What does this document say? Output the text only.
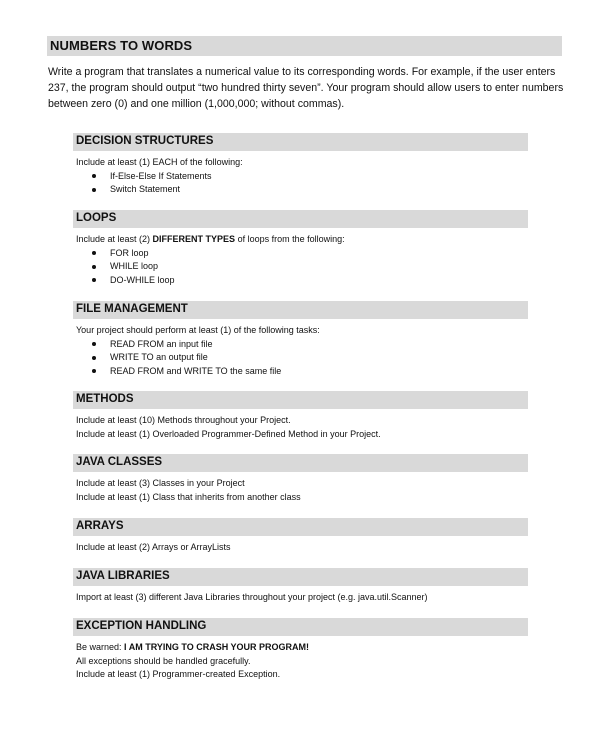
NUMBERS TO WORDS
Write a program that translates a numerical value to its corresponding words. For example, if the user enters 237, the program should output “two hundred thirty seven”. Your program should allow users to enter numbers between zero (0) and one million (1,000,000; without commas).
DECISION STRUCTURES
Include at least (1) EACH of the following:
If-Else-Else If Statements
Switch Statement
LOOPS
Include at least (2) DIFFERENT TYPES of loops from the following:
FOR loop
WHILE loop
DO-WHILE loop
FILE MANAGEMENT
Your project should perform at least (1) of the following tasks:
READ FROM an input file
WRITE TO an output file
READ FROM and WRITE TO the same file
METHODS
Include at least (10) Methods throughout your Project.
Include at least (1) Overloaded Programmer-Defined Method in your Project.
JAVA CLASSES
Include at least (3) Classes in your Project
Include at least (1) Class that inherits from another class
ARRAYS
Include at least (2) Arrays or ArrayLists
JAVA LIBRARIES
Import at least (3) different Java Libraries throughout your project (e.g. java.util.Scanner)
EXCEPTION HANDLING
Be warned: I AM TRYING TO CRASH YOUR PROGRAM!
All exceptions should be handled gracefully.
Include at least (1) Programmer-created Exception.
